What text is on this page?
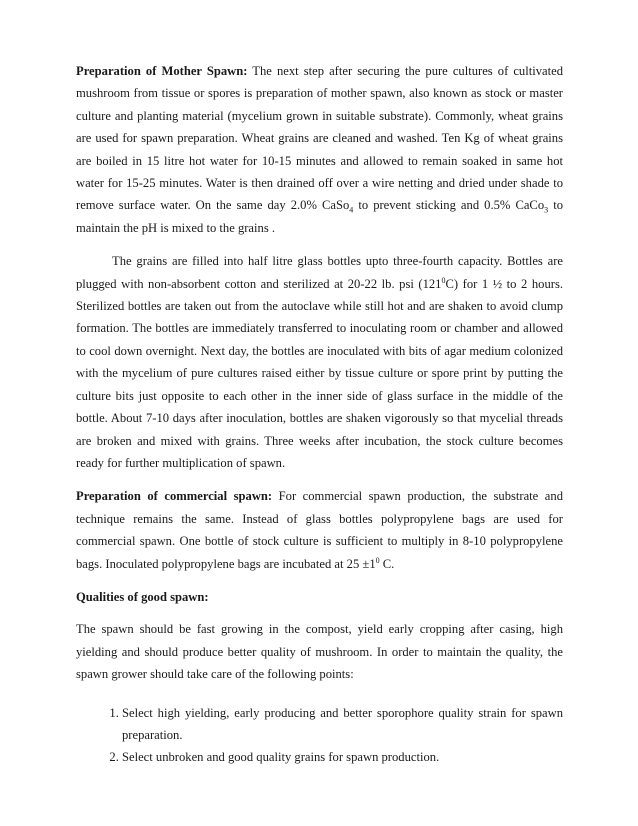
Preparation of Mother Spawn: The next step after securing the pure cultures of cultivated mushroom from tissue or spores is preparation of mother spawn, also known as stock or master culture and planting material (mycelium grown in suitable substrate). Commonly, wheat grains are used for spawn preparation. Wheat grains are cleaned and washed. Ten Kg of wheat grains are boiled in 15 litre hot water for 10-15 minutes and allowed to remain soaked in same hot water for 15-25 minutes. Water is then drained off over a wire netting and dried under shade to remove surface water. On the same day 2.0% CaSo$_4$ to prevent sticking and 0.5% CaCo$_3$ to maintain the pH is mixed to the grains .

The grains are filled into half litre glass bottles upto three-fourth capacity. Bottles are plugged with non-absorbent cotton and sterilized at 20-22 lb. psi $(121^0C)$ for 1 ½ to 2 hours. Sterilized bottles are taken out from the autoclave while still hot and are shaken to avoid clump formation. The bottles are immediately transferred to inoculating room or chamber and allowed to cool down overnight. Next day, the bottles are inoculated with bits of agar medium colonized with the mycelium of pure cultures raised either by tissue culture or spore print by putting the culture bits just opposite to each other in the inner side of glass surface in the middle of the bottle. About 7-10 days after inoculation, bottles are shaken vigorously so that mycelial threads are broken and mixed with grains. Three weeks after incubation, the stock culture becomes ready for further multiplication of spawn.

Preparation of commercial spawn: For commercial spawn production, the substrate and technique remains the same. Instead of glass bottles polypropylene bags are used for commercial spawn. One bottle of stock culture is sufficient to multiply in 8-10 polypropylene bags. Inoculated polypropylene bags are incubated at $25 \pm 1^0$ C.

Qualities of good spawn:

The spawn should be fast growing in the compost, yield early cropping after casing, high yielding and should produce better quality of mushroom. In order to maintain the quality, the spawn grower should take care of the following points:

1. Select high yielding, early producing and better sporophore quality strain for spawn preparation.
2. Select unbroken and good quality grains for spawn production.
